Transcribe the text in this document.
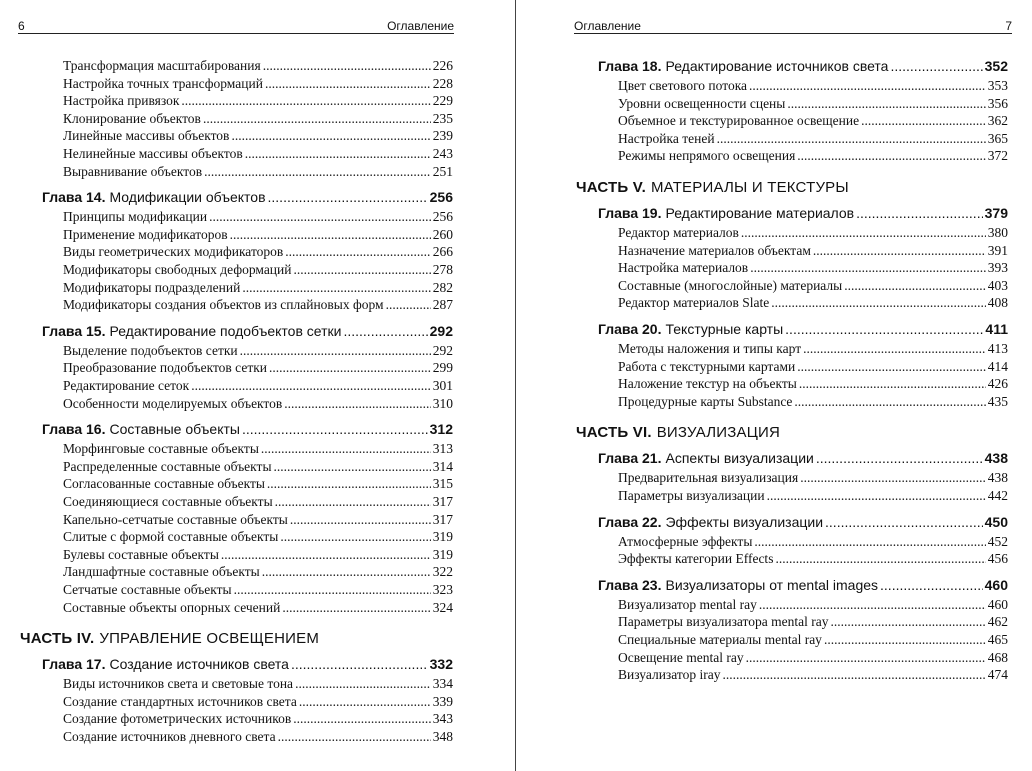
6	Оглавление
Трансформация масштабирования .....	226
Настройка точных трансформаций .....	228
Настройка привязок .....	229
Клонирование объектов .....	235
Линейные массивы объектов .....	239
Нелинейные массивы объектов .....	243
Выравнивание объектов .....	251
Глава 14. Модификации объектов .....	256
Принципы модификации .....	256
Применение модификаторов .....	260
Виды геометрических модификаторов .....	266
Модификаторы свободных деформаций .....	278
Модификаторы подразделений .....	282
Модификаторы создания объектов из сплайновых форм .....	287
Глава 15. Редактирование подобъектов сетки .....	292
Выделение подобъектов сетки .....	292
Преобразование подобъектов сетки .....	299
Редактирование сеток .....	301
Особенности моделируемых объектов .....	310
Глава 16. Составные объекты .....	312
Морфинговые составные объекты .....	313
Распределенные составные объекты .....	314
Согласованные составные объекты .....	315
Соединяющиеся составные объекты .....	317
Капельно-сетчатые составные объекты .....	317
Слитые с формой составные объекты .....	319
Булевы составные объекты .....	319
Ландшафтные составные объекты .....	322
Сетчатые составные объекты .....	323
Составные объекты опорных сечений .....	324
ЧАСТЬ IV. УПРАВЛЕНИЕ ОСВЕЩЕНИЕМ
Глава 17. Создание источников света .....	332
Виды источников света и световые тона .....	334
Создание стандартных источников света .....	339
Создание фотометрических источников .....	343
Создание источников дневного света .....	348
Оглавление	7
Глава 18. Редактирование источников света .....	352
Цвет светового потока .....	353
Уровни освещенности сцены .....	356
Объемное и текстурированное освещение .....	362
Настройка теней .....	365
Режимы непрямого освещения .....	372
ЧАСТЬ V. МАТЕРИАЛЫ И ТЕКСТУРЫ
Глава 19. Редактирование материалов .....	379
Редактор материалов .....	380
Назначение материалов объектам .....	391
Настройка материалов .....	393
Составные (многослойные) материалы .....	403
Редактор материалов Slate .....	408
Глава 20. Текстурные карты .....	411
Методы наложения и типы карт .....	413
Работа с текстурными картами .....	414
Наложение текстур на объекты .....	426
Процедурные карты Substance .....	435
ЧАСТЬ VI. ВИЗУАЛИЗАЦИЯ
Глава 21. Аспекты визуализации .....	438
Предварительная визуализация .....	438
Параметры визуализации .....	442
Глава 22. Эффекты визуализации .....	450
Атмосферные эффекты .....	452
Эффекты категории Effects .....	456
Глава 23. Визуализаторы от mental images .....	460
Визуализатор mental ray .....	460
Параметры визуализатора mental ray .....	462
Специальные материалы mental ray .....	465
Освещение mental ray .....	468
Визуализатор iray .....	474
